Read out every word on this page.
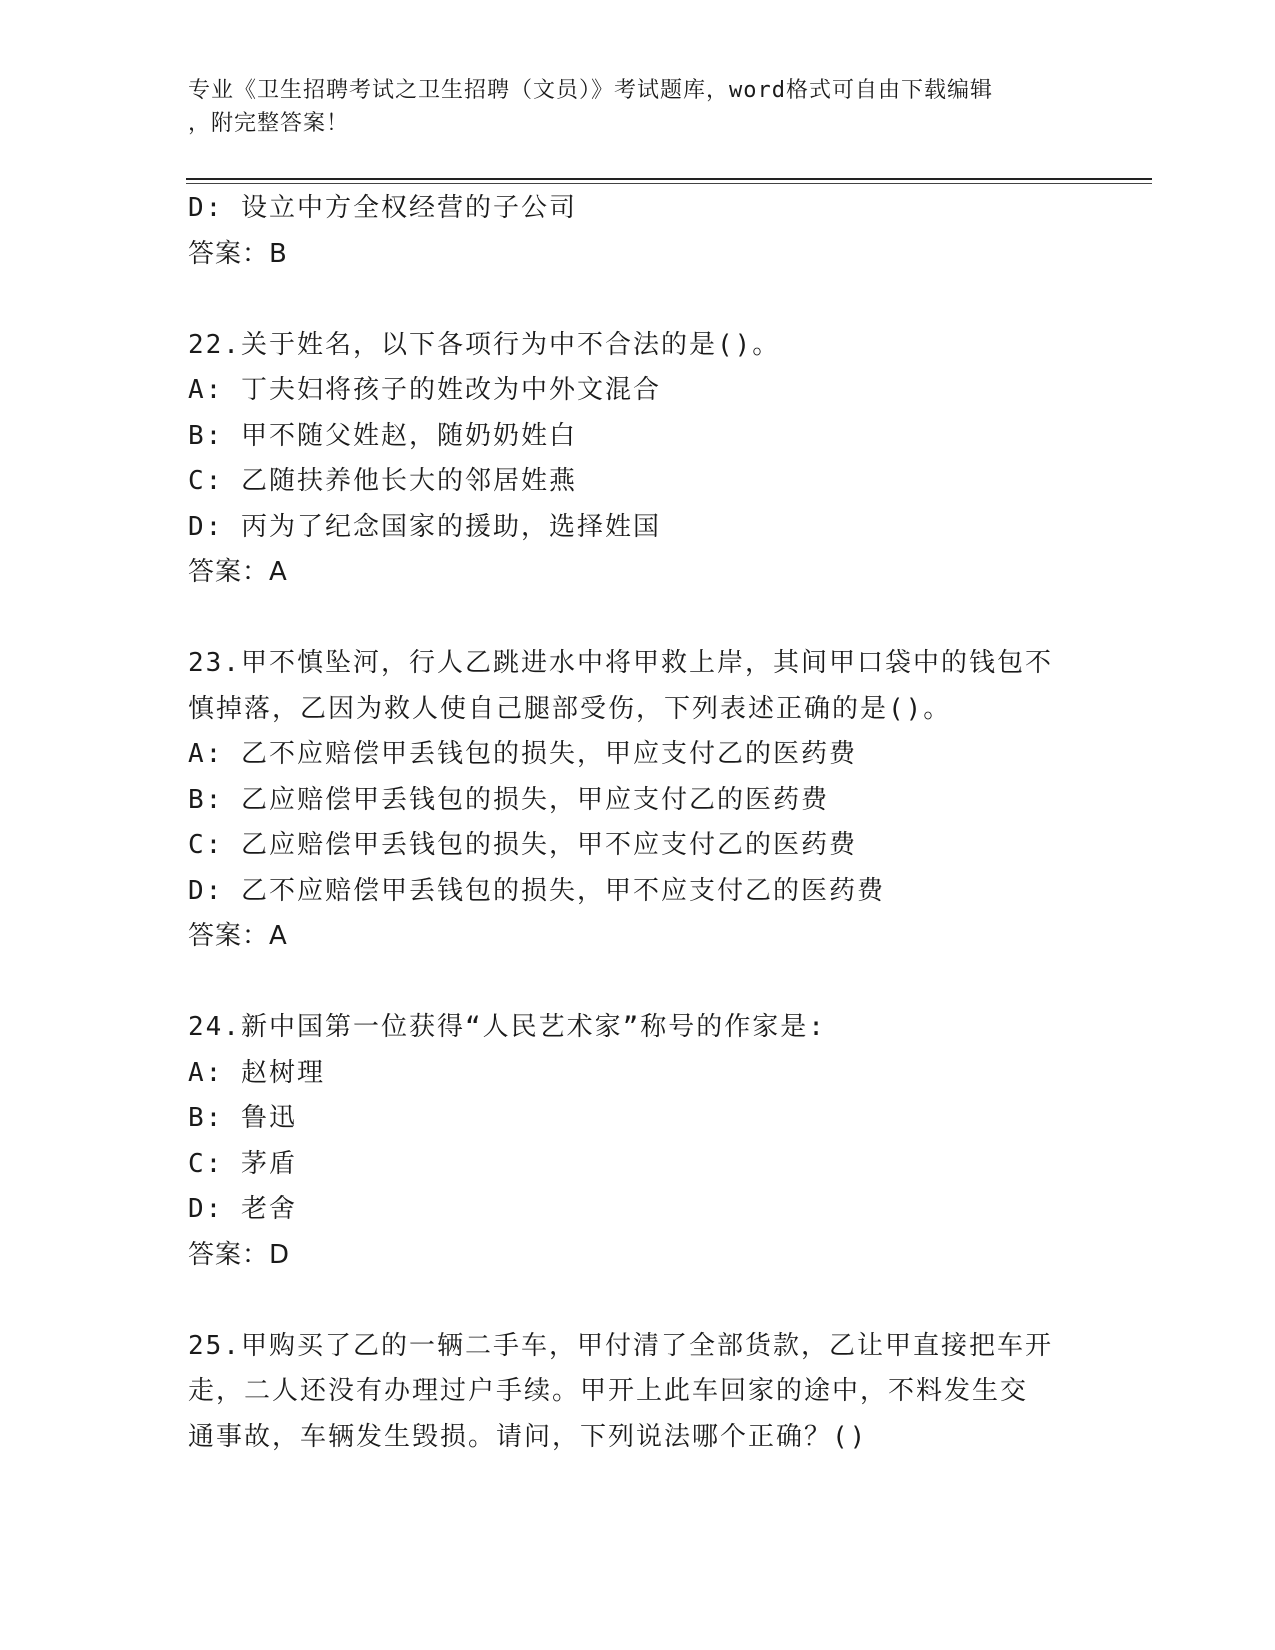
专业《卫生招聘考试之卫生招聘（文员）》考试题库，word格式可自由下载编辑
，附完整答案！
D: 设立中方全权经营的子公司
答案：B
22.关于姓名，以下各项行为中不合法的是()。
A: 丁夫妇将孩子的姓改为中外文混合
B: 甲不随父姓赵，随奶奶姓白
C: 乙随扶养他长大的邻居姓燕
D: 丙为了纪念国家的援助，选择姓国
答案：A
23.甲不慎坠河，行人乙跳进水中将甲救上岸，其间甲口袋中的钱包不
慎掉落，乙因为救人使自己腿部受伤，下列表述正确的是()。
A: 乙不应赔偿甲丢钱包的损失，甲应支付乙的医药费
B: 乙应赔偿甲丢钱包的损失，甲应支付乙的医药费
C: 乙应赔偿甲丢钱包的损失，甲不应支付乙的医药费
D: 乙不应赔偿甲丢钱包的损失，甲不应支付乙的医药费
答案：A
24.新中国第一位获得“人民艺术家”称号的作家是:
A: 赵树理
B: 鲁迅
C: 茅盾
D: 老舍
答案：D
25.甲购买了乙的一辆二手车，甲付清了全部货款，乙让甲直接把车开
走，二人还没有办理过户手续。甲开上此车回家的途中，不料发生交
通事故，车辆发生毁损。请问，下列说法哪个正确？()
